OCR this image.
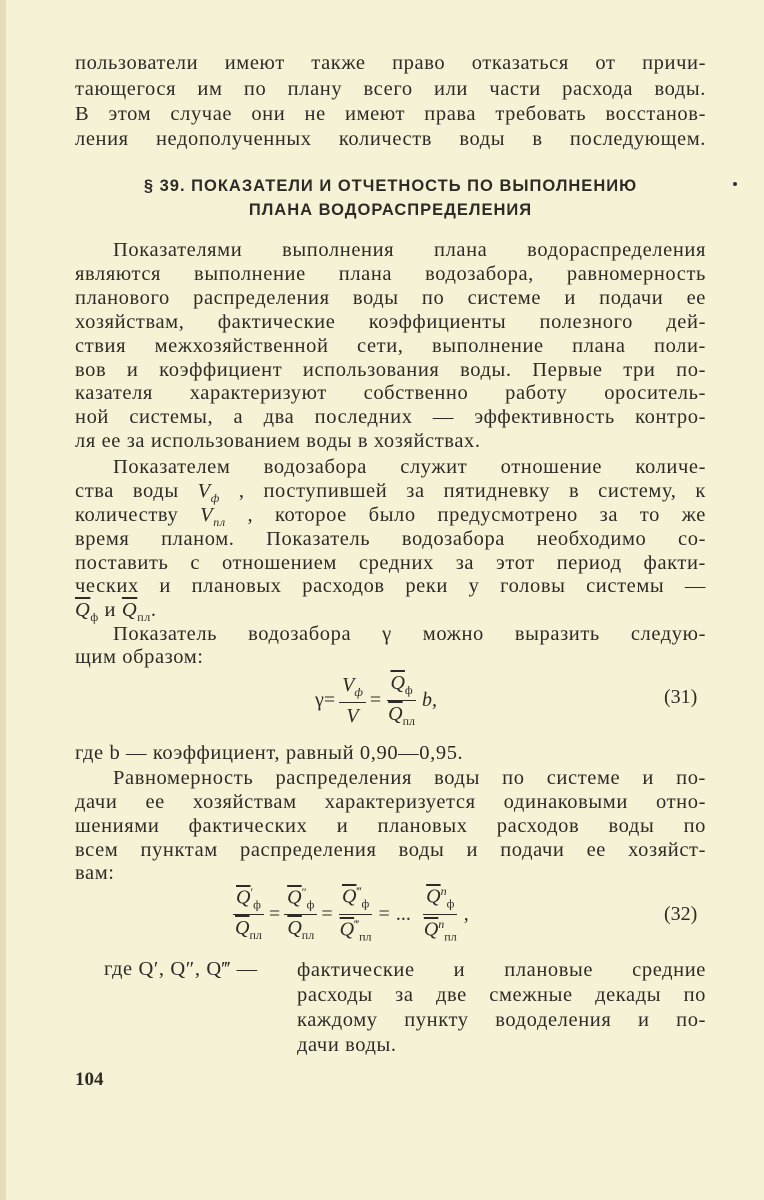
пользователи имеют также право отказаться от причи-
тающегося им по плану всего или части расхода воды.
В этом случае они не имеют права требовать восстанов-
ления недополученных количеств воды в последующем.
§ 39. ПОКАЗАТЕЛИ И ОТЧЕТНОСТЬ ПО ВЫПОЛНЕНИЮ
ПЛАНА ВОДОРАСПРЕДЕЛЕНИЯ
Показателями выполнения плана водораспределения
являются выполнение плана водозабора, равномерность
планового распределения воды по системе и подачи ее
хозяйствам, фактические коэффициенты полезного дей-
ствия межхозяйственной сети, выполнение плана поли-
вов и коэффициент использования воды. Первые три по-
казателя характеризуют собственно работу ороситель-
ной системы, а два последних — эффективность контро-
ля ее за использованием воды в хозяйствах.
Показателем водозабора служит отношение количе-
ства воды $V_ф$ , поступившей за пятидневку в систему, к
количеству $V_{пл}$ , которое было предусмотрено за то же
время планом. Показатель водозабора необходимо со-
поставить с отношением средних за этот период факти-
ческих и плановых расходов реки у головы системы —
$\overline{Q}_ф$ и $\overline{Q}_{пл}$.
Показатель водозабора γ можно выразить следую-
щим образом:
$\gamma = \frac{V_ф}{V} = \frac{\overline{Q}_ф}{\overline{Q}_{пл}} b$,	(31)
где b — коэффициент, равный 0,90—0,95.
Равномерность распределения воды по системе и по-
дачи ее хозяйствам характеризуется одинаковыми отно-
шениями фактических и плановых расходов воды по
всем пунктам распределения воды и подачи ее хозяйст-
вам:
$\frac{\overline{Q}'_ф}{\overline{Q}_{пл}} = \frac{\overline{Q}''_ф}{\overline{Q}_{пл}} = \frac{\overline{Q}^‴_ф}{\overline{Q}^‴_{пл}}$ = ... $\frac{\overline{Q}^n_ф}{\overline{Q}^n_{пл}}$ ,	(32)
где Q′, Q″, Q‴ — фактические и плановые средние
расходы за две смежные декады по
каждому пункту вододеления и по-
дачи воды.
104
